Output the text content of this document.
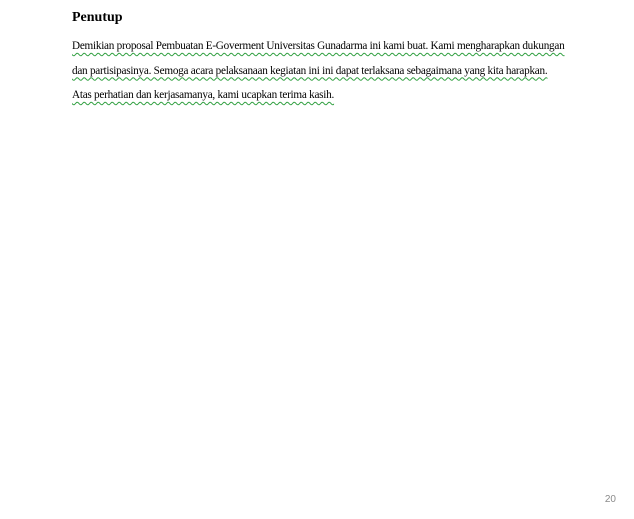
Penutup

Demikian proposal Pembuatan E-Goverment Universitas Gunadarma ini kami buat. Kami mengharapkan dukungan
dan partisipasinya. Semoga acara pelaksanaan kegiatan ini ini dapat terlaksana sebagaimana yang kita harapkan.
Atas perhatian dan kerjasamanya, kami ucapkan terima kasih.

20
